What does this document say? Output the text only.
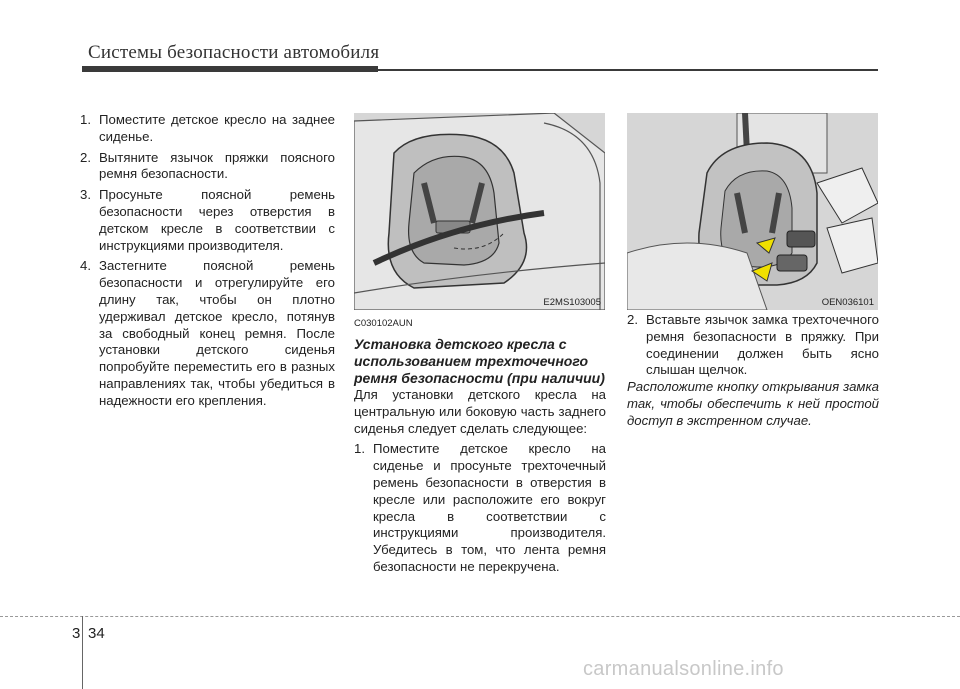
Системы безопасности автомобиля
1. Поместите детское кресло на заднее сиденье.
2. Вытяните язычок пряжки поясного ремня безопасности.
3. Просуньте поясной ремень безопасности через отверстия в детском кресле в соответствии с инструкциями производителя.
4. Застегните поясной ремень безопасности и отрегулируйте его длину так, чтобы он плотно удерживал детское кресло, потянув за свободный конец ремня. После установки детского сиденья попробуйте переместить его в разных направлениях так, чтобы убедиться в надежности его крепления.
E2MS103005	OEN036101
C030102AUN
Установка детского кресла с использованием трехточечного ремня безопасности (при наличии)

Для установки детского кресла на центральную или боковую часть заднего сиденья следует сделать следующее:

1. Поместите детское кресло на сиденье и просуньте трехточечный ремень безопасности в отверстия в кресле или расположите его вокруг кресла в соответствии с инструкциями производителя. Убедитесь в том, что лента ремня безопасности не перекручена.
2. Вставьте язычок замка трехточечного ремня безопасности в пряжку. При соединении должен быть ясно слышан щелчок.

Расположите кнопку открывания замка так, чтобы обеспечить к ней простой доступ в экстренном случае.

3 34
carmanualsonline.info
